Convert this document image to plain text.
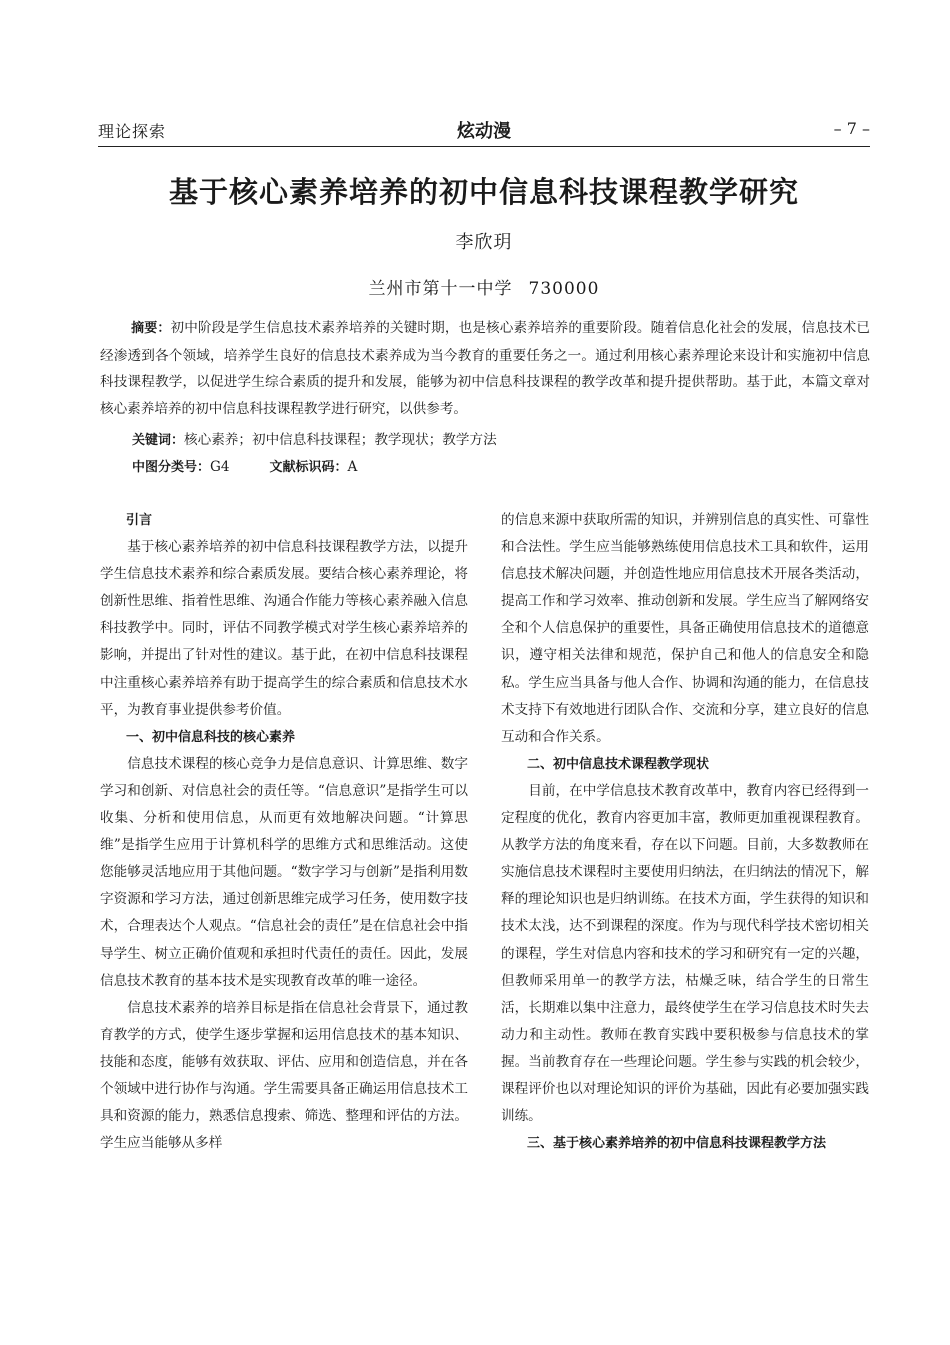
理论探索	炫动漫	– 7 –
基于核心素养培养的初中信息科技课程教学研究
李欣玥
兰州市第十一中学 730000
摘要：初中阶段是学生信息技术素养培养的关键时期，也是核心素养培养的重要阶段。随着信息化社会的发展，信息技术已经渗透到各个领域，培养学生良好的信息技术素养成为当今教育的重要任务之一。通过利用核心素养理论来设计和实施初中信息科技课程教学，以促进学生综合素质的提升和发展，能够为初中信息科技课程的教学改革和提升提供帮助。基于此，本篇文章对核心素养培养的初中信息科技课程教学进行研究，以供参考。
关键词：核心素养；初中信息科技课程；教学现状；教学方法
中图分类号：G4	文献标识码：A
引言

基于核心素养培养的初中信息科技课程教学方法，以提升学生信息技术素养和综合素质发展。要结合核心素养理论，将创新性思维、指着性思维、沟通合作能力等核心素养融入信息科技教学中。同时，评估不同教学模式对学生核心素养培养的影响，并提出了针对性的建议。基于此，在初中信息科技课程中注重核心素养培养有助于提高学生的综合素质和信息技术水平，为教育事业提供参考价值。

一、初中信息科技的核心素养

信息技术课程的核心竞争力是信息意识、计算思维、数字学习和创新、对信息社会的责任等。“信息意识”是指学生可以收集、分析和使用信息，从而更有效地解决问题。“计算思维”是指学生应用于计算机科学的思维方式和思维活动。这使您能够灵活地应用于其他问题。“数字学习与创新”是指利用数字资源和学习方法，通过创新思维完成学习任务，使用数字技术，合理表达个人观点。“信息社会的责任”是在信息社会中指导学生、树立正确价值观和承担时代责任的责任。因此，发展信息技术教育的基本技术是实现教育改革的唯一途径。

信息技术素养的培养目标是指在信息社会背景下，通过教育教学的方式，使学生逐步掌握和运用信息技术的基本知识、技能和态度，能够有效获取、评估、应用和创造信息，并在各个领域中进行协作与沟通。学生需要具备正确运用信息技术工具和资源的能力，熟悉信息搜索、筛选、整理和评估的方法。学生应当能够从多样

的信息来源中获取所需的知识，并辨别信息的真实性、可靠性和合法性。学生应当能够熟练使用信息技术工具和软件，运用信息技术解决问题，并创造性地应用信息技术开展各类活动，提高工作和学习效率、推动创新和发展。学生应当了解网络安全和个人信息保护的重要性，具备正确使用信息技术的道德意识，遵守相关法律和规范，保护自己和他人的信息安全和隐私。学生应当具备与他人合作、协调和沟通的能力，在信息技术支持下有效地进行团队合作、交流和分享，建立良好的信息互动和合作关系。

二、初中信息技术课程教学现状

目前，在中学信息技术教育改革中，教育内容已经得到一定程度的优化，教育内容更加丰富，教师更加重视课程教育。从教学方法的角度来看，存在以下问题。目前，大多数教师在实施信息技术课程时主要使用归纳法，在归纳法的情况下，解释的理论知识也是归纳训练。在技术方面，学生获得的知识和技术太浅，达不到课程的深度。作为与现代科学技术密切相关的课程，学生对信息内容和技术的学习和研究有一定的兴趣，但教师采用单一的教学方法，枯燥乏味，结合学生的日常生活，长期难以集中注意力，最终使学生在学习信息技术时失去动力和主动性。教师在教育实践中要积极参与信息技术的掌握。当前教育存在一些理论问题。学生参与实践的机会较少，课程评价也以对理论知识的评价为基础，因此有必要加强实践训练。

三、基于核心素养培养的初中信息科技课程教学方法
